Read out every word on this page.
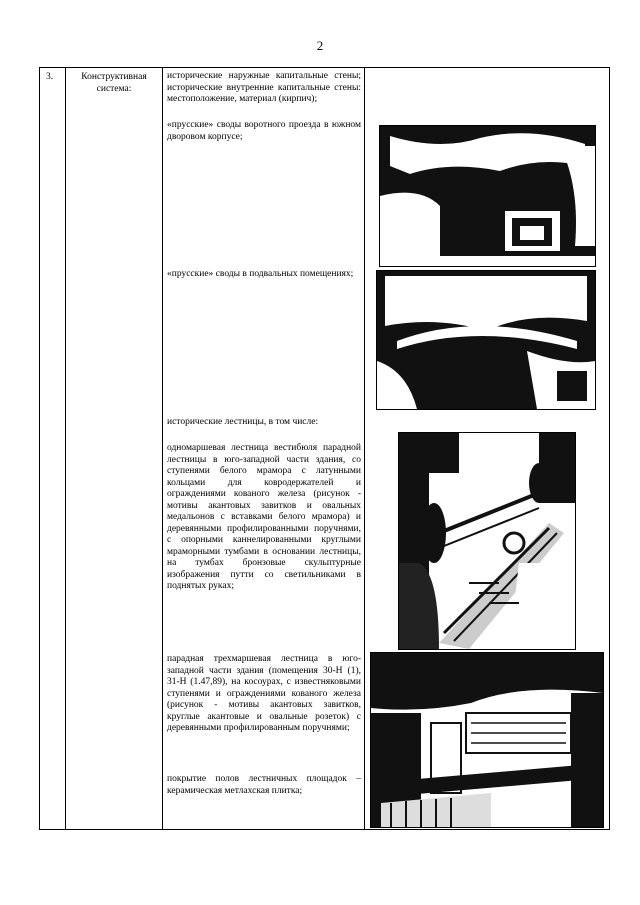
2
3.	Конструктивная система:	
исторические наружные капитальные стены; исторические внутренние капитальные стены: местоположение, материал (кирпич);
«прусские» своды воротного проезда в южном дворовом корпусе;
«прусские» своды в подвальных помещениях;
исторические лестницы, в том числе:
одномаршевая лестница вестибюля парадной лестницы в юго-западной части здания, со ступенями белого мрамора с латунными кольцами для ковродержателей и ограждениями кованого железа (рисунок - мотивы акантовых завитков и овальных медальонов с вставками белого мрамора) и деревянными профилированными поручнями, с опорными каннелированными круглыми мраморными тумбами в основании лестницы, на тумбах бронзовые скульптурные изображения путти со светильниками в поднятых руках;
парадная трехмаршевая лестница в юго-западной части здания (помещения 30-Н (1), 31-Н (1.47,89), на косоурах, с известняковыми ступенями и ограждениями кованого железа (рисунок - мотивы акантовых завитков, круглые акантовые и овальные розеток) с деревянными профилированным поручнями;
покрытие полов лестничных площадок – керамическая метлахская плитка;
